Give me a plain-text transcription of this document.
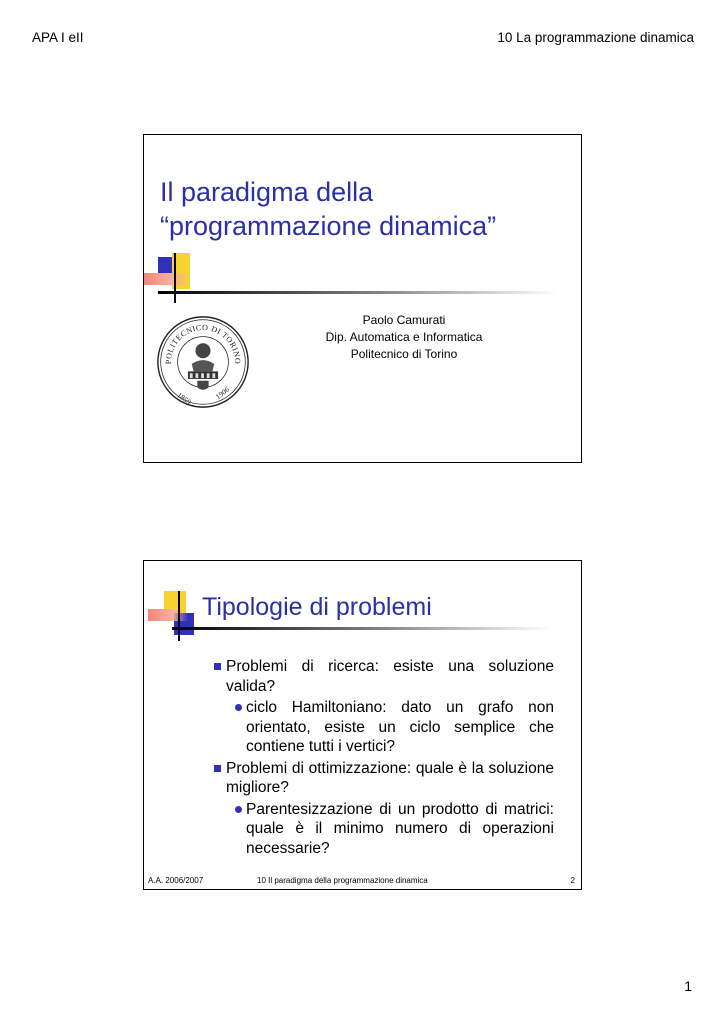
APA I eII	10 La programmazione dinamica
Il paradigma della
“programmazione dinamica”
Paolo Camurati
Dip. Automatica e Informatica
Politecnico di Torino
POLITECNICO DI TORINO
1859	1906
POLITECNICO DI TORINO
Tipologie di problemi
Problemi di ricerca: esiste una soluzione valida?
ciclo Hamiltoniano: dato un grafo non orientato, esiste un ciclo semplice che contiene tutti i vertici?
Problemi di ottimizzazione: quale è la soluzione migliore?
Parentesizzazione di un prodotto di matrici: quale è il minimo numero di operazioni necessarie?
A.A. 2006/2007	10 Il paradigma della programmazione dinamica	2
1
